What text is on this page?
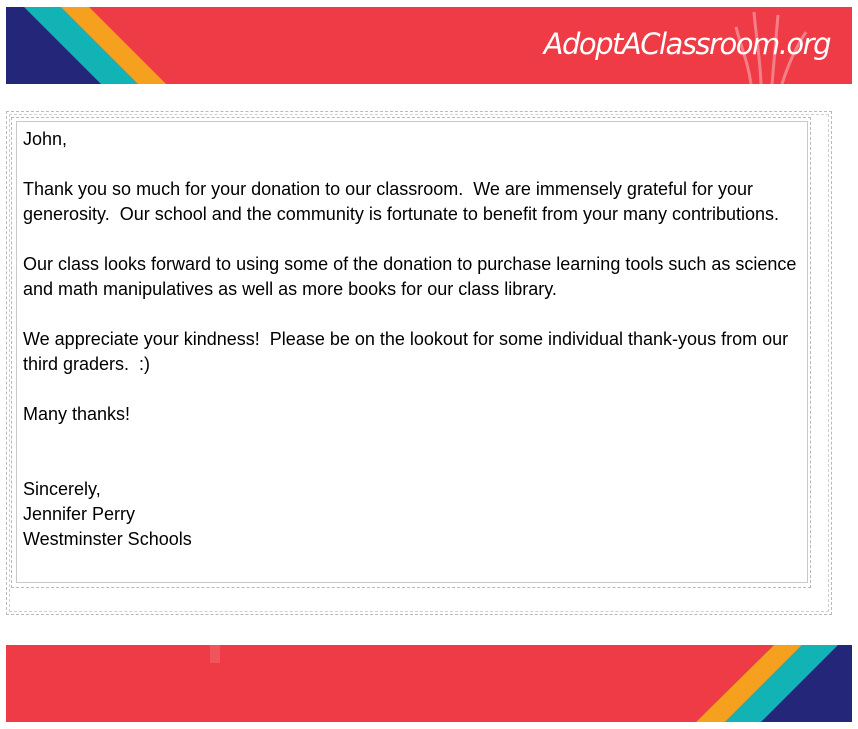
AdoptAClassroom.org

John,

Thank you so much for your donation to our classroom.  We are immensely grateful for your generosity.  Our school and the community is fortunate to benefit from your many contributions.

Our class looks forward to using some of the donation to purchase learning tools such as science and math manipulatives as well as more books for our class library.

We appreciate your kindness!  Please be on the lookout for some individual thank-yous from our third graders.  :)

Many thanks!

Sincerely,
Jennifer Perry
Westminster Schools
